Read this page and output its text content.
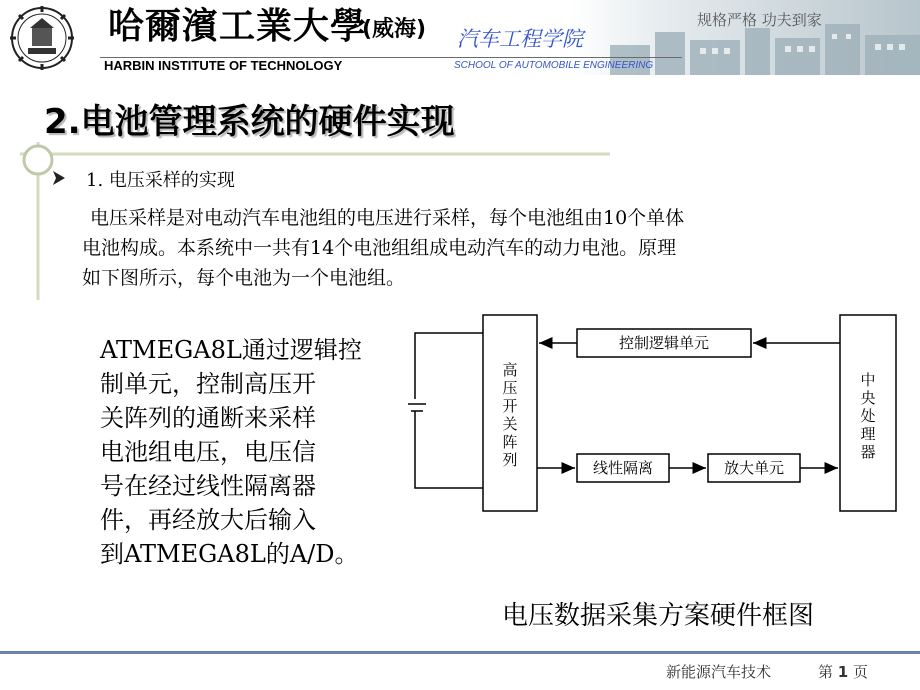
哈爾濱工業大學
(威海) 汽车工程学院
规格严格 功夫到家
HARBIN INSTITUTE OF TECHNOLOGY	SCHOOL OF AUTOMOBILE ENGINEERING
2.电池管理系统的硬件实现
1. 电压采样的实现
电压采样是对电动汽车电池组的电压进行采样，每个电池组由10个单体
电池构成。本系统中一共有14个电池组组成电动汽车的动力电池。原理
如下图所示，每个电池为一个电池组。
ATMEGA8L通过逻辑控
制单元，控制高压开
关阵列的通断来采样
电池组电压，电压信
号在经过线性隔离器
件，再经放大后输入
到ATMEGA8L的A/D。
高压开关阵列
控制逻辑单元
线性隔离	放大单元
中央处理器
电压数据采集方案硬件框图
新能源汽车技术	第 1 页
